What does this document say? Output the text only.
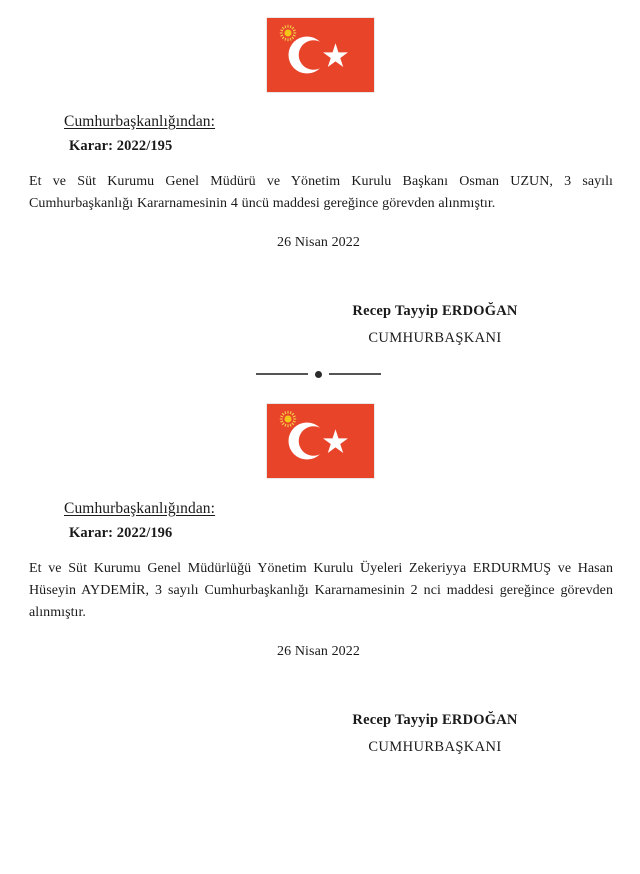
Cumhurbaşkanlığından:
Karar: 2022/195
Et ve Süt Kurumu Genel Müdürü ve Yönetim Kurulu Başkanı Osman UZUN, 3 sayılı Cumhurbaşkanlığı Kararnamesinin 4 üncü maddesi gereğince görevden alınmıştır.
26 Nisan 2022
Recep Tayyip ERDOĞAN
CUMHURBAŞKANI
Cumhurbaşkanlığından:
Karar: 2022/196
Et ve Süt Kurumu Genel Müdürlüğü Yönetim Kurulu Üyeleri Zekeriyya ERDURMUŞ ve Hasan Hüseyin AYDEMİR, 3 sayılı Cumhurbaşkanlığı Kararnamesinin 2 nci maddesi gereğince görevden alınmıştır.
26 Nisan 2022
Recep Tayyip ERDOĞAN
CUMHURBAŞKANI
